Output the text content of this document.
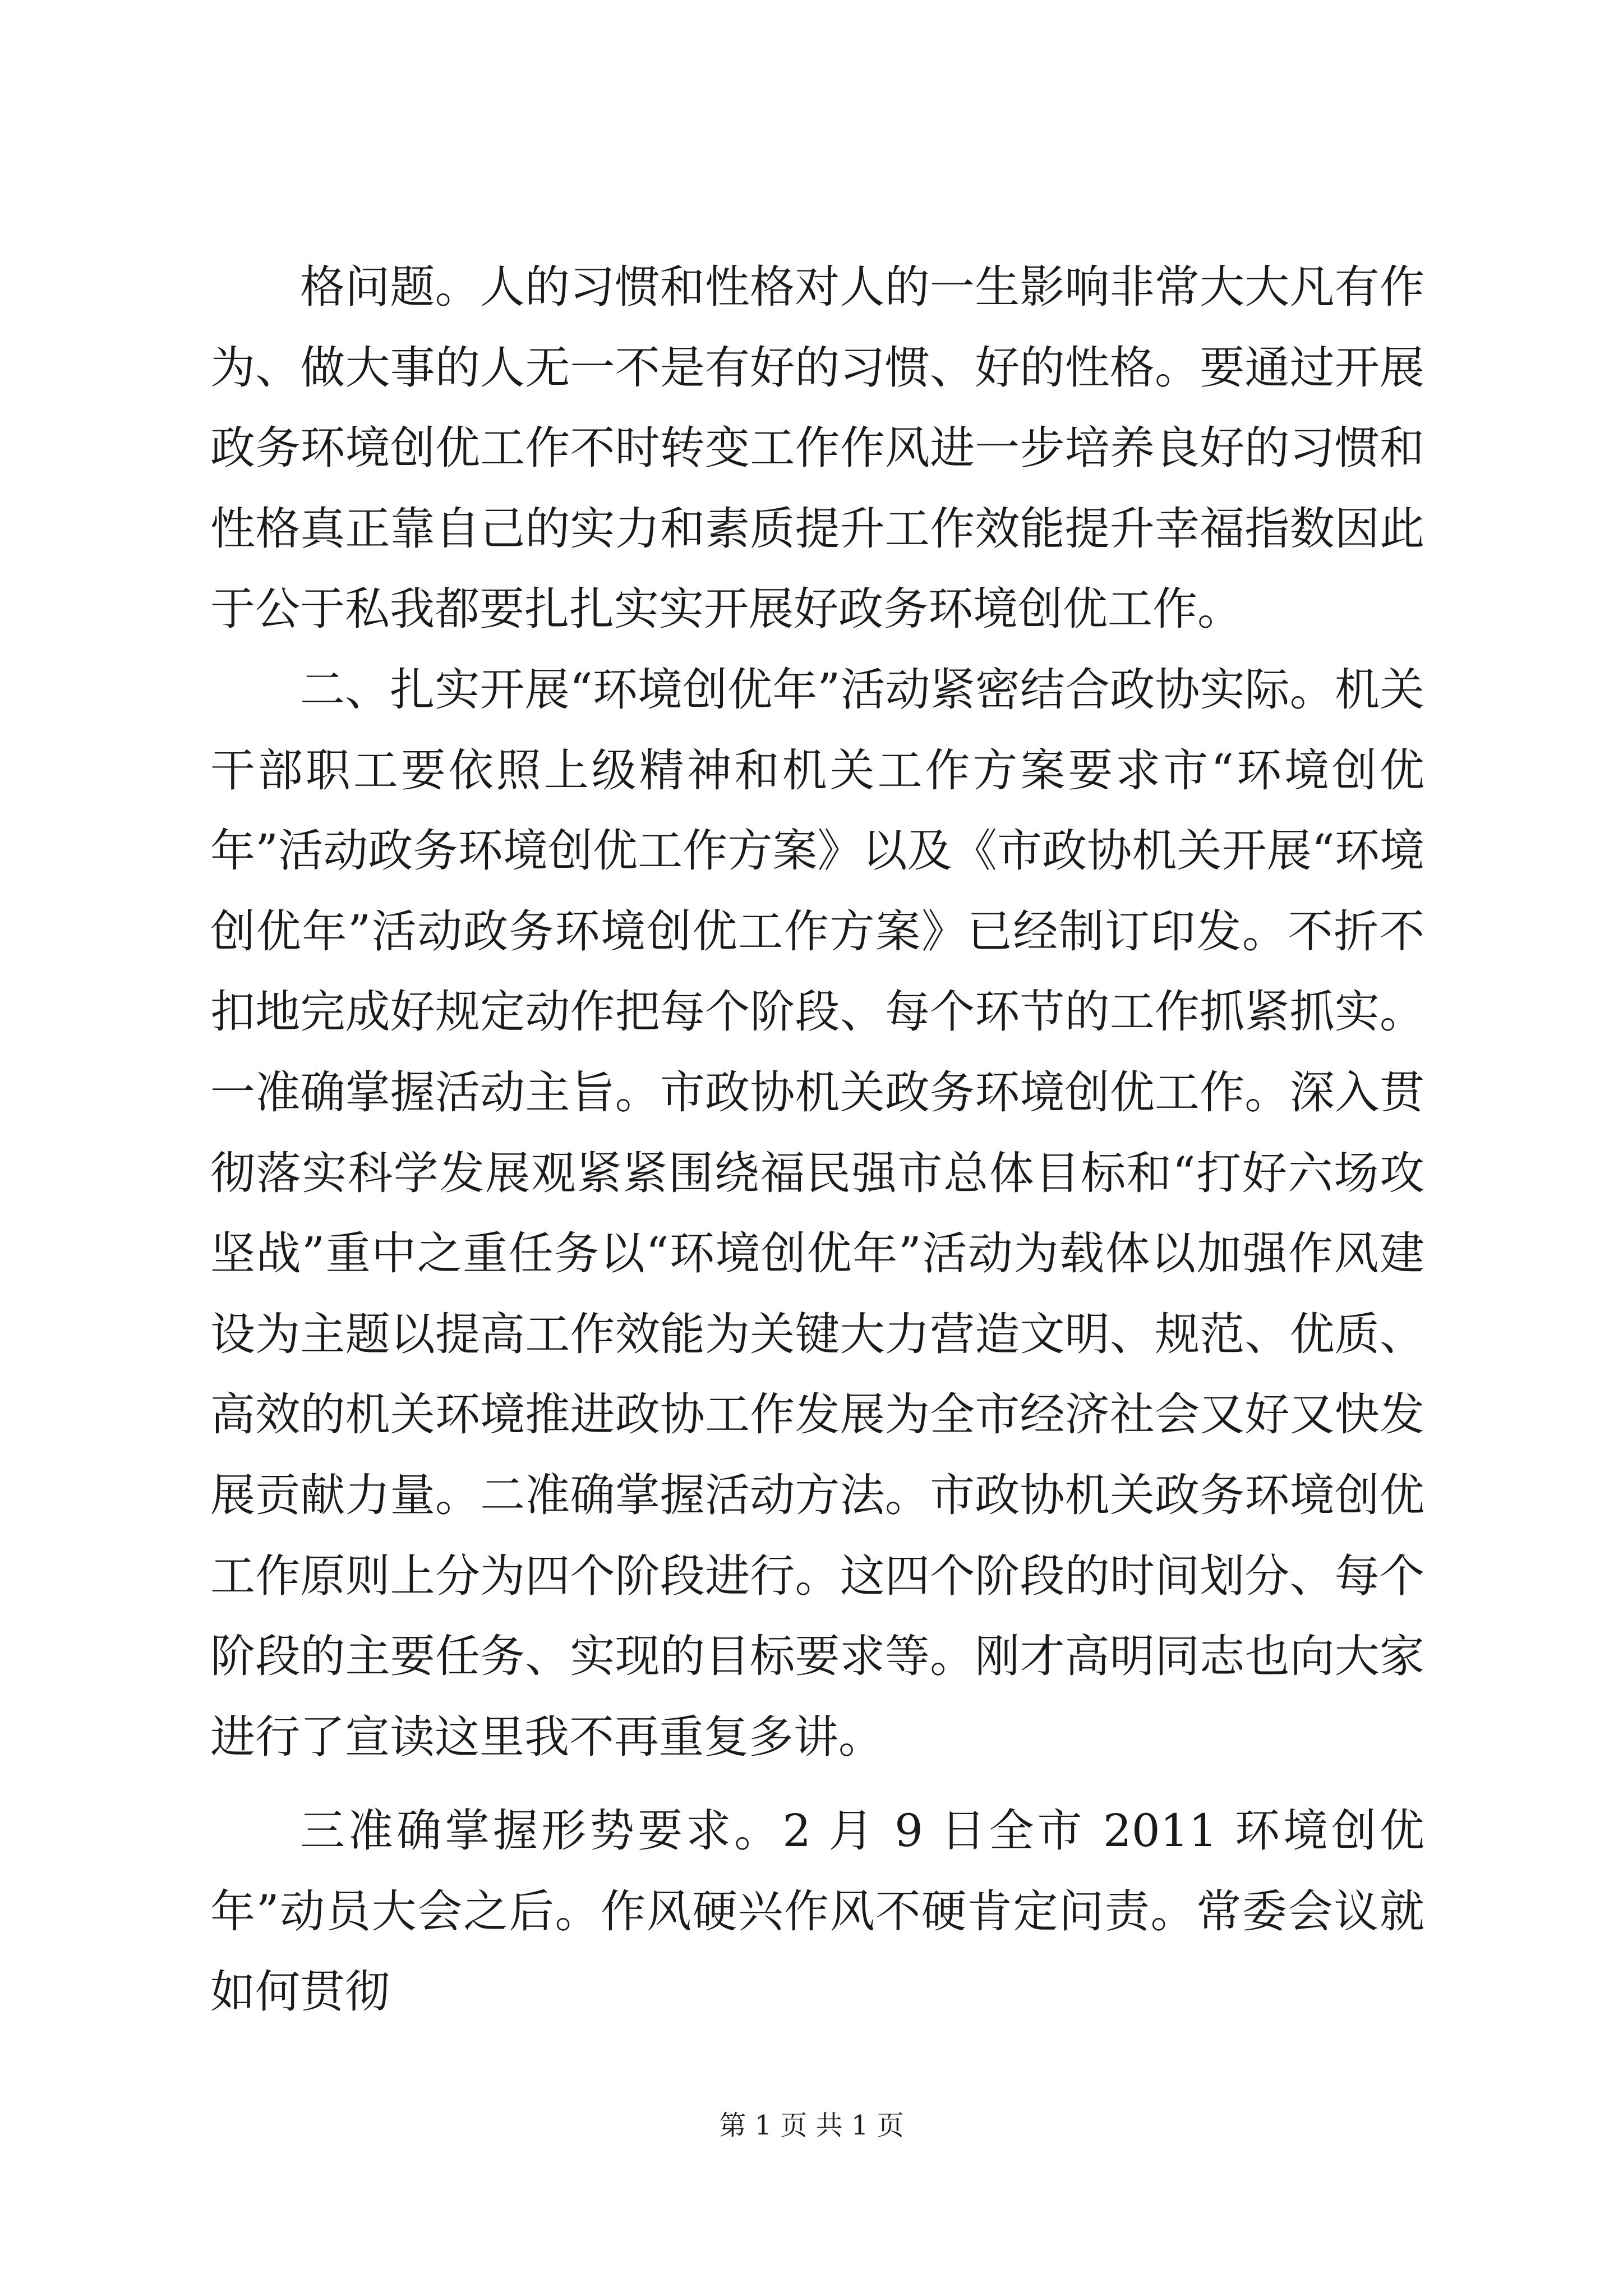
格问题。人的习惯和性格对人的一生影响非常大大凡有作为、做大事的人无一不是有好的习惯、好的性格。要通过开展政务环境创优工作不时转变工作作风进一步培养良好的习惯和性格真正靠自己的实力和素质提升工作效能提升幸福指数因此于公于私我都要扎扎实实开展好政务环境创优工作。

二、扎实开展“环境创优年”活动紧密结合政协实际。机关干部职工要依照上级精神和机关工作方案要求市“环境创优年”活动政务环境创优工作方案》以及《市政协机关开展“环境创优年”活动政务环境创优工作方案》已经制订印发。不折不扣地完成好规定动作把每个阶段、每个环节的工作抓紧抓实。一准确掌握活动主旨。市政协机关政务环境创优工作。深入贯彻落实科学发展观紧紧围绕福民强市总体目标和“打好六场攻坚战”重中之重任务以“环境创优年”活动为载体以加强作风建设为主题以提高工作效能为关键大力营造文明、规范、优质、高效的机关环境推进政协工作发展为全市经济社会又好又快发展贡献力量。二准确掌握活动方法。市政协机关政务环境创优工作原则上分为四个阶段进行。这四个阶段的时间划分、每个阶段的主要任务、实现的目标要求等。刚才高明同志也向大家进行了宣读这里我不再重复多讲。

三准确掌握形势要求。2 月 9 日全市 2011 环境创优年”动员大会之后。作风硬兴作风不硬肯定问责。常委会议就如何贯彻

第 1 页 共 1 页
